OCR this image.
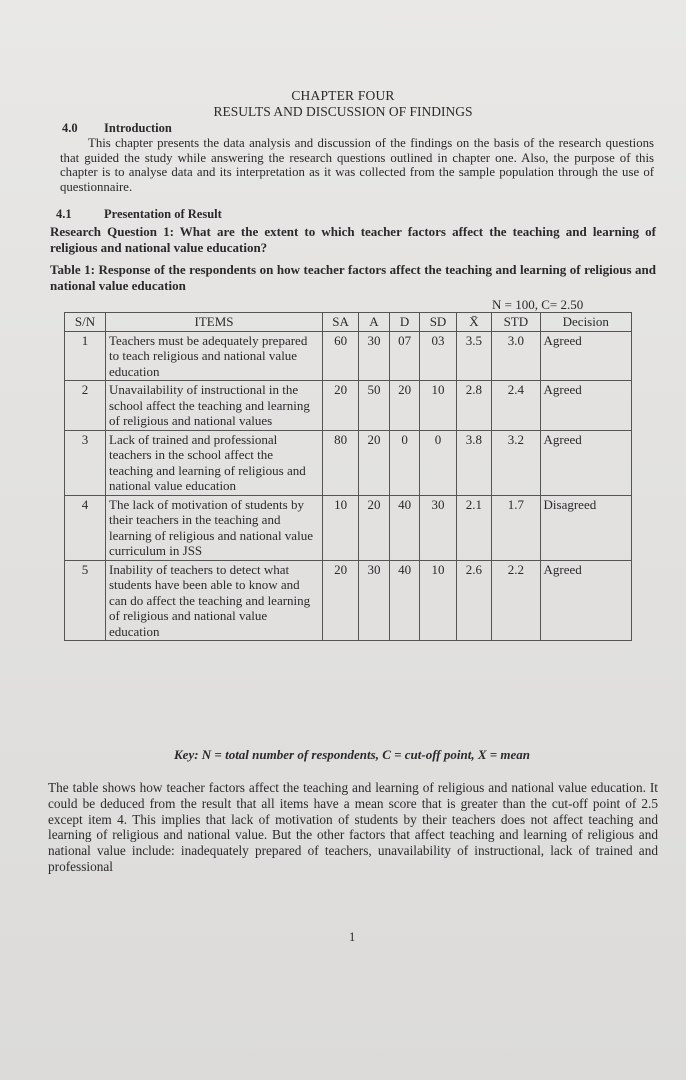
CHAPTER FOUR
RESULTS AND DISCUSSION OF FINDINGS
4.0 Introduction
This chapter presents the data analysis and discussion of the findings on the basis of the research questions that guided the study while answering the research questions outlined in chapter one. Also, the purpose of this chapter is to analyse data and its interpretation as it was collected from the sample population through the use of questionnaire.
4.1	Presentation of Result
Research Question 1: What are the extent to which teacher factors affect the teaching and learning of religious and national value education?
Table 1: Response of the respondents on how teacher factors affect the teaching and learning of religious and national value education
N = 100, C= 2.50
S/N	ITEMS	SA	A	D	SD	X̄	STD	Decision
1	Teachers must be adequately prepared to teach religious and national value education	60	30	07	03	3.5	3.0	Agreed
2	Unavailability of instructional in the school affect the teaching and learning of religious and national values	20	50	20	10	2.8	2.4	Agreed
3	Lack of trained and professional teachers in the school affect the teaching and learning of religious and national value education	80	20	0	0	3.8	3.2	Agreed
4	The lack of motivation of students by their teachers in the teaching and learning of religious and national value curriculum in JSS	10	20	40	30	2.1	1.7	Disagreed
5	Inability of teachers to detect what students have been able to know and can do affect the teaching and learning of religious and national value education	20	30	40	10	2.6	2.2	Agreed
Key: N = total number of respondents, C = cut-off point, X = mean
The table shows how teacher factors affect the teaching and learning of religious and national value education. It could be deduced from the result that all items have a mean score that is greater than the cut-off point of 2.5 except item 4. This implies that lack of motivation of students by their teachers does not affect teaching and learning of religious and national value. But the other factors that affect teaching and learning of religious and national value include: inadequately prepared of teachers, unavailability of instructional, lack of trained and professional
1
